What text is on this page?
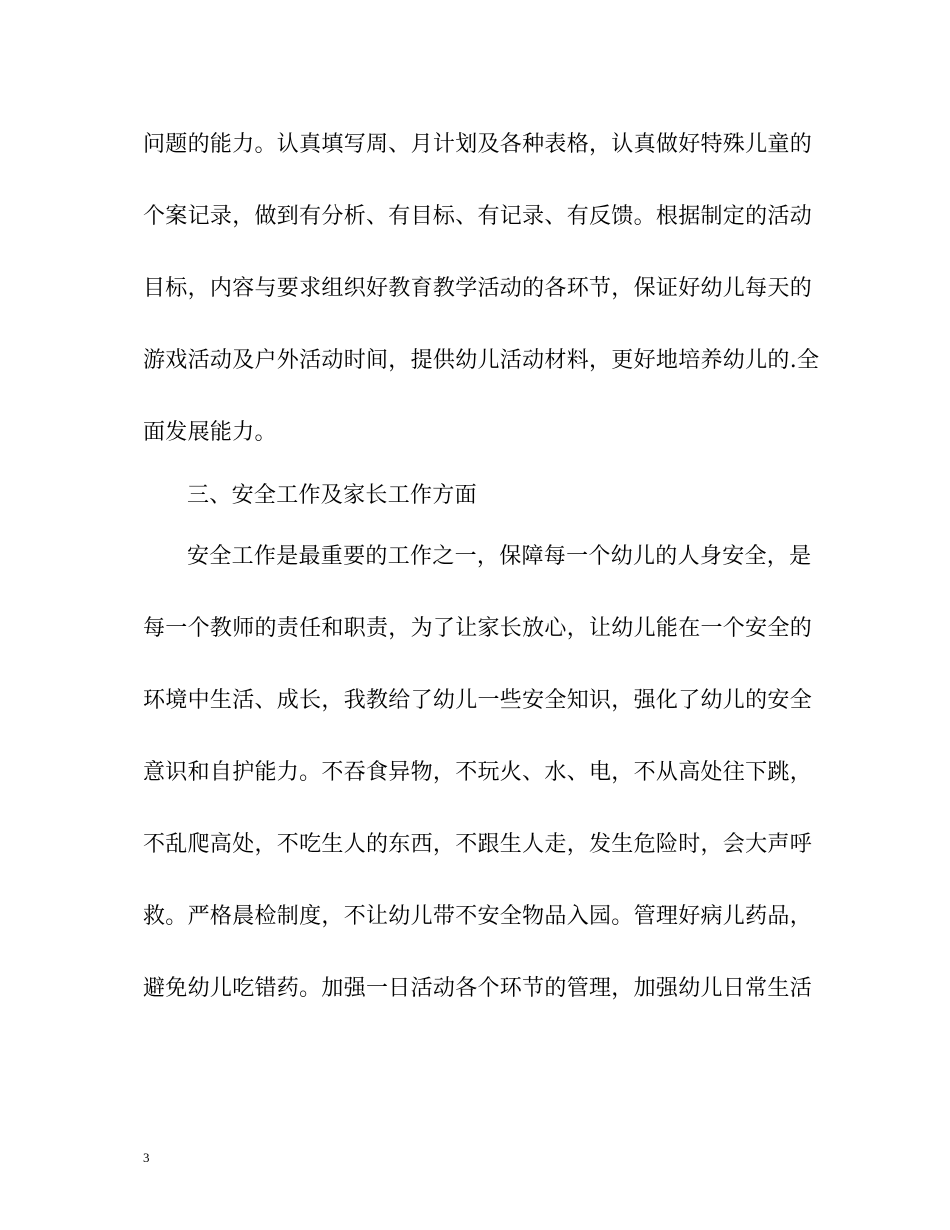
问题的能力。认真填写周、月计划及各种表格，认真做好特殊儿童的
个案记录，做到有分析、有目标、有记录、有反馈。根据制定的活动
目标，内容与要求组织好教育教学活动的各环节，保证好幼儿每天的
游戏活动及户外活动时间，提供幼儿活动材料，更好地培养幼儿的.全
面发展能力。
三、安全工作及家长工作方面
安全工作是最重要的工作之一，保障每一个幼儿的人身安全，是
每一个教师的责任和职责，为了让家长放心，让幼儿能在一个安全的
环境中生活、成长，我教给了幼儿一些安全知识，强化了幼儿的安全
意识和自护能力。不吞食异物，不玩火、水、电，不从高处往下跳，
不乱爬高处，不吃生人的东西，不跟生人走，发生危险时，会大声呼
救。严格晨检制度，不让幼儿带不安全物品入园。管理好病儿药品，
避免幼儿吃错药。加强一日活动各个环节的管理，加强幼儿日常生活
3
